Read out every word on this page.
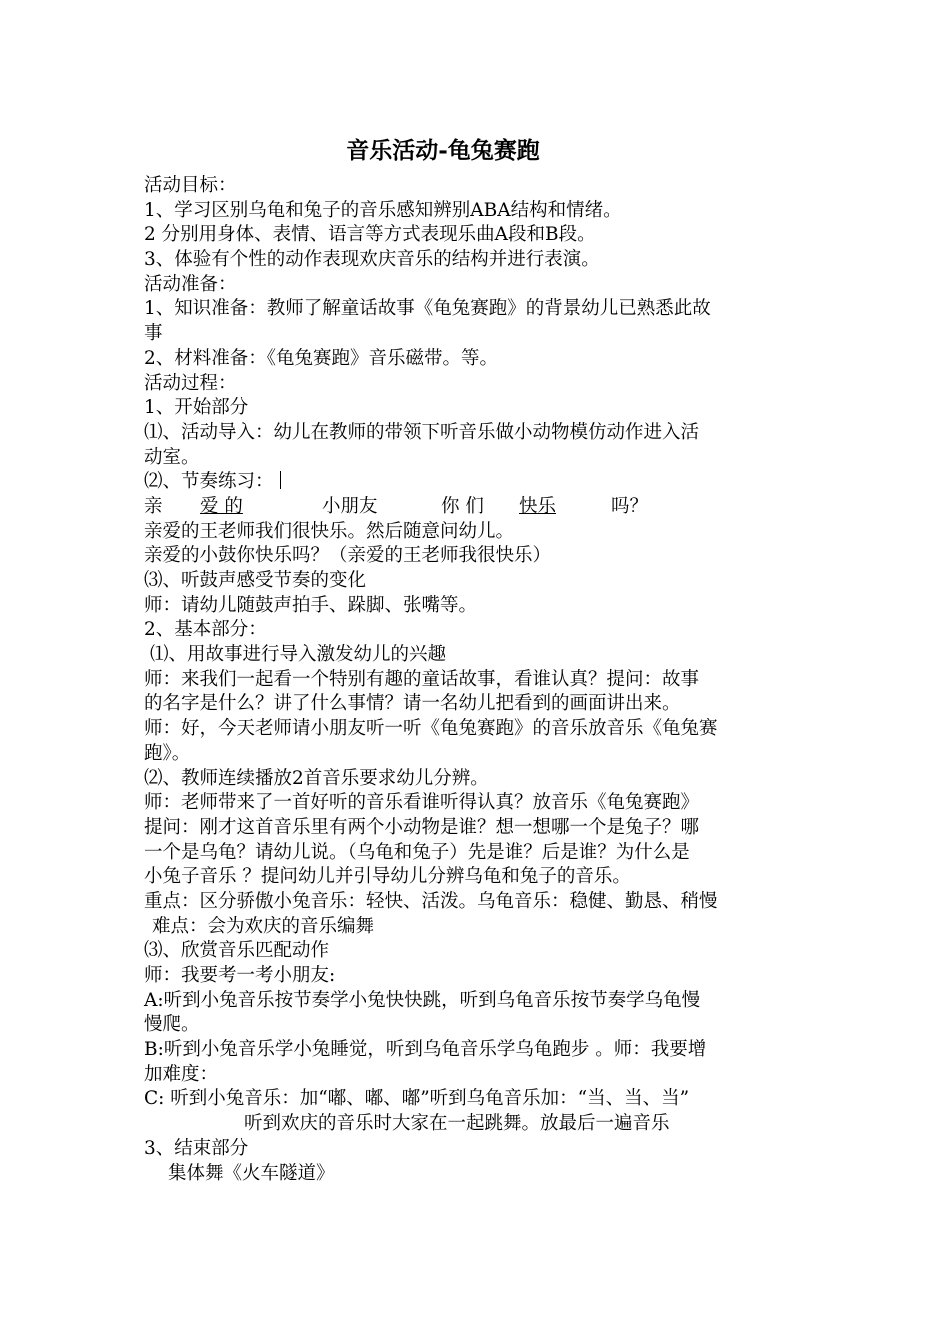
音乐活动-龟兔赛跑
活动目标：
1、学习区别乌龟和兔子的音乐感知辨别ABA结构和情绪。
2 分别用身体、表情、语言等方式表现乐曲A段和B段。
3、体验有个性的动作表现欢庆音乐的结构并进行表演。
活动准备：
1、知识准备：教师了解童话故事《龟兔赛跑》的背景幼儿已熟悉此故
事
2、材料准备：《龟兔赛跑》音乐磁带。等。
活动过程：
1、开始部分
⑴、活动导入：幼儿在教师的带领下听音乐做小动物模仿动作进入活
动室。
⑵、节奏练习：
亲 爱 的	小朋友	你 们 快乐	吗？
亲爱的王老师我们很快乐。然后随意问幼儿。
亲爱的小鼓你快乐吗？（亲爱的王老师我很快乐）
⑶、听鼓声感受节奏的变化
师：请幼儿随鼓声拍手、跺脚、张嘴等。
2、基本部分：
⑴、用故事进行导入激发幼儿的兴趣
师：来我们一起看一个特别有趣的童话故事，看谁认真？提问：故事
的名字是什么？讲了什么事情？请一名幼儿把看到的画面讲出来。
师：好，今天老师请小朋友听一听《龟兔赛跑》的音乐放音乐《龟兔赛
跑》。
⑵、教师连续播放2首音乐要求幼儿分辨。
师：老师带来了一首好听的音乐看谁听得认真？放音乐《龟兔赛跑》
提问：刚才这首音乐里有两个小动物是谁？想一想哪一个是兔子？哪
一个是乌龟？请幼儿说。（乌龟和兔子）先是谁？后是谁？为什么是
小兔子音乐 ？提问幼儿并引导幼儿分辨乌龟和兔子的音乐。
重点：区分骄傲小兔音乐：轻快、活泼。乌龟音乐：稳健、勤恳、稍慢
难点：会为欢庆的音乐编舞
⑶、欣赏音乐匹配动作
师：我要考一考小朋友:
A:听到小兔音乐按节奏学小兔快快跳，听到乌龟音乐按节奏学乌龟慢
慢爬。
B:听到小兔音乐学小兔睡觉，听到乌龟音乐学乌龟跑步 。师：我要增
加难度：
C: 听到小兔音乐：加“嘟、嘟、嘟”听到乌龟音乐加：“当、当、当”
听到欢庆的音乐时大家在一起跳舞。放最后一遍音乐
3、结束部分
集体舞《火车隧道》
